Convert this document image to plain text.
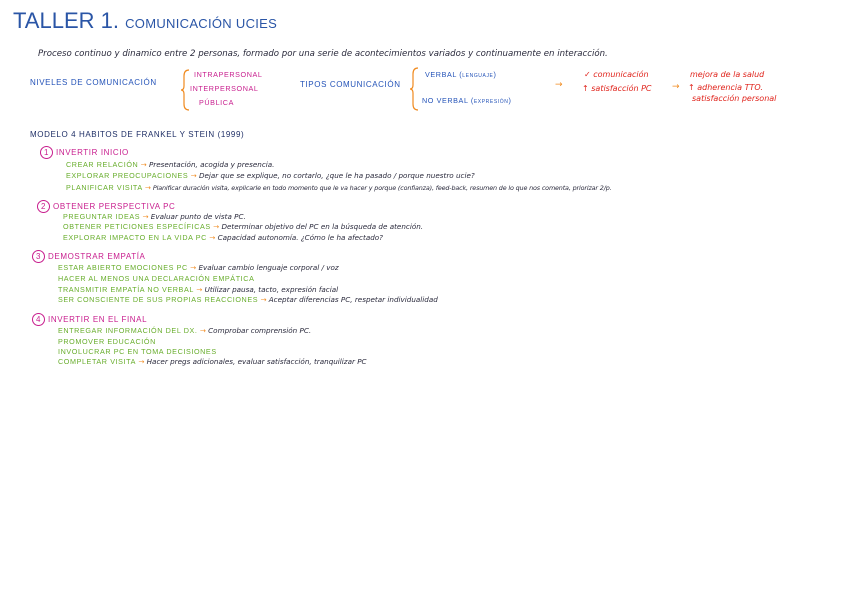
TALLER 1. COMUNICACIÓN UCIES
Proceso continuo y dinamico entre 2 personas, formado por una serie de acontecimientos variados y continuamente en interacción.
NIVELES DE COMUNICACIÓN
INTRAPERSONAL
INTERPERSONAL
PÚBLICA
TIPOS COMUNICACIÓN
VERBAL (lenguaje)
NO VERBAL (expresión)
→
✓ comunicación
↑ satisfacción PC →
mejora de la salud
↑ adherencia TTO.
satisfacción personal
MODELO 4 HABITOS DE FRANKEL Y STEIN (1999)
1 INVERTIR INICIO
CREAR RELACIÓN → Presentación, acogida y presencia.
EXPLORAR PREOCUPACIONES → Dejar que se explique, no cortarlo, ¿que le ha pasado / porque nuestro ucie?
PLANIFICAR VISITA → Planificar duración visita, explicarle en todo momento que le va hacer y porque (confianza), feed-back, resumen de lo que nos comenta, priorizar 2/p.
2 OBTENER PERSPECTIVA PC
PREGUNTAR IDEAS → Evaluar punto de vista PC.
OBTENER PETICIONES ESPECÍFICAS → Determinar objetivo del PC en la búsqueda de atención.
EXPLORAR IMPACTO EN LA VIDA PC → Capacidad autonomía. ¿Cómo le ha afectado?
3 DEMOSTRAR EMPATÍA
ESTAR ABIERTO EMOCIONES PC → Evaluar cambio lenguaje corporal / voz
HACER AL MENOS UNA DECLARACIÓN EMPÁTICA
TRANSMITIR EMPATÍA NO VERBAL → Utilizar pausa, tacto, expresión facial
SER CONSCIENTE DE SUS PROPIAS REACCIONES → Aceptar diferencias PC, respetar individualidad
4 INVERTIR EN EL FINAL
ENTREGAR INFORMACIÓN DEL DX. → Comprobar comprensión PC.
PROMOVER EDUCACIÓN
INVOLUCRAR PC EN TOMA DECISIONES
COMPLETAR VISITA → Hacer pregs adicionales, evaluar satisfacción, tranquilizar PC
